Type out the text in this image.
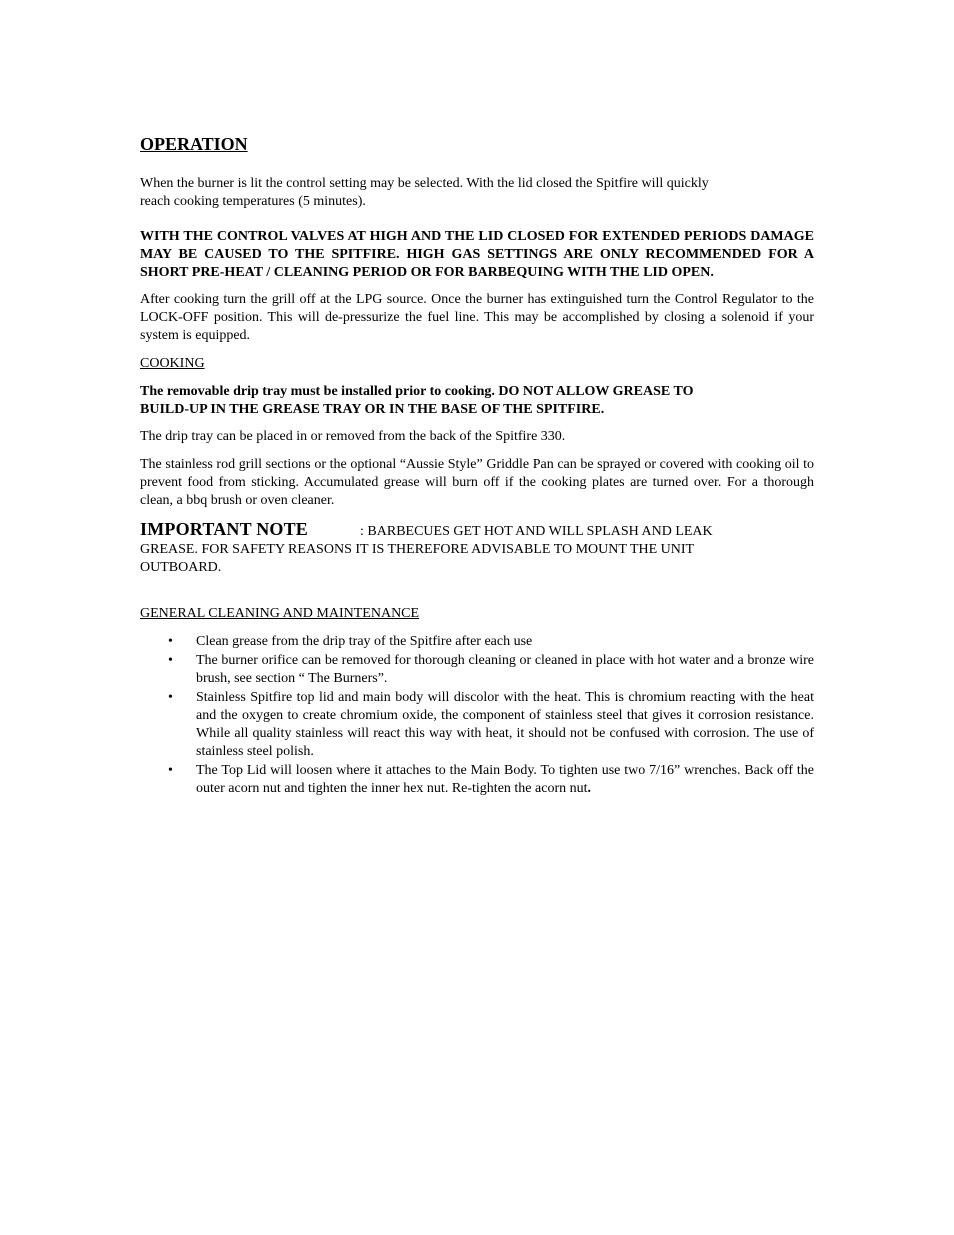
OPERATION

When the burner is lit the control setting may be selected. With the lid closed the Spitfire will quickly
reach cooking temperatures (5 minutes).

WITH THE CONTROL VALVES AT HIGH AND THE LID CLOSED FOR EXTENDED PERIODS DAMAGE MAY BE CAUSED TO THE SPITFIRE. HIGH GAS SETTINGS ARE ONLY RECOMMENDED FOR A SHORT PRE-HEAT / CLEANING PERIOD OR FOR BARBEQUING WITH THE LID OPEN.

After cooking turn the grill off at the LPG source. Once the burner has extinguished turn the Control Regulator to the LOCK-OFF position. This will de-pressurize the fuel line. This may be accomplished by closing a solenoid if your system is equipped.

COOKING

The removable drip tray must be installed prior to cooking. DO NOT ALLOW GREASE TO
BUILD-UP IN THE GREASE TRAY OR IN THE BASE OF THE SPITFIRE.

The drip tray can be placed in or removed from the back of the Spitfire 330.

The stainless rod grill sections or the optional “Aussie Style” Griddle Pan can be sprayed or covered with cooking oil to prevent food from sticking. Accumulated grease will burn off if the cooking plates are turned over. For a thorough clean, a bbq brush or oven cleaner.

IMPORTANT NOTE	: BARBECUES GET HOT AND WILL SPLASH AND LEAK
GREASE. FOR SAFETY REASONS IT IS THEREFORE ADVISABLE TO MOUNT THE UNIT
OUTBOARD.

GENERAL CLEANING AND MAINTENANCE

• Clean grease from the drip tray of the Spitfire after each use
• The burner orifice can be removed for thorough cleaning or cleaned in place with hot water and a bronze wire brush, see section “ The Burners”.
• Stainless Spitfire top lid and main body will discolor with the heat. This is chromium reacting with the heat and the oxygen to create chromium oxide, the component of stainless steel that gives it corrosion resistance. While all quality stainless will react this way with heat, it should not be confused with corrosion. The use of stainless steel polish.
• The Top Lid will loosen where it attaches to the Main Body. To tighten use two 7/16” wrenches. Back off the outer acorn nut and tighten the inner hex nut. Re-tighten the acorn nut.
